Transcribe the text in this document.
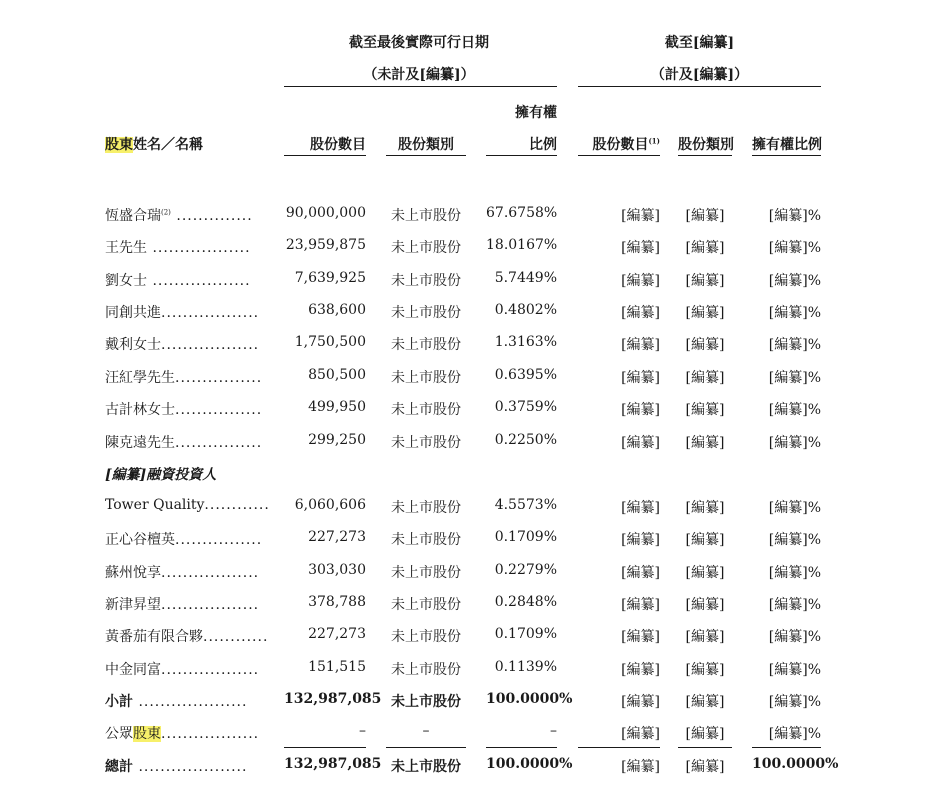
截至最後實際可行日期
（未計及[編纂]）
截至[編纂]
（計及[編纂]）
股東姓名／名稱	股份數目	股份類別
擁有權
比例	股份數目$^{(1)}$ 股份類別 擁有權比例
恆盛合瑞$^{(2)}$ .............. 90,000,000	未上市股份	67.6758%	[編纂]	[編纂]	[編纂]%
王先生 ..................	23,959,875	未上市股份	18.0167%	[編纂]	[編纂]	[編纂]%
劉女士 ..................	7,639,925	未上市股份	5.7449%	[編纂]	[編纂]	[編纂]%
同創共進..................	638,600	未上市股份	0.4802%	[編纂]	[編纂]	[編纂]%
戴利女士..................	1,750,500	未上市股份	1.3163%	[編纂]	[編纂]	[編纂]%
汪紅學先生................	850,500	未上市股份	0.6395%	[編纂]	[編纂]	[編纂]%
古計林女士................	499,950	未上市股份	0.3759%	[編纂]	[編纂]	[編纂]%
陳克遠先生................	299,250	未上市股份	0.2250%	[編纂]	[編纂]	[編纂]%
[編纂]融資投資人
Tower Quality............	6,060,606	未上市股份	4.5573%	[編纂]	[編纂]	[編纂]%
正心谷檀英................	227,273	未上市股份	0.1709%	[編纂]	[編纂]	[編纂]%
蘇州悅享..................	303,030	未上市股份	0.2279%	[編纂]	[編纂]	[編纂]%
新津昇望..................	378,788	未上市股份	0.2848%	[編纂]	[編纂]	[編纂]%
黃番茄有限合夥............	227,273	未上市股份	0.1709%	[編纂]	[編纂]	[編纂]%
中金同富..................	151,515	未上市股份	0.1139%	[編纂]	[編纂]	[編纂]%
小計 ....................	132,987,085 未上市股份	100.0000%	[編纂]	[編纂]	[編纂]%
公眾股東..................	–	–	–	[編纂]	[編纂]	[編纂]%
總計 ....................	132,987,085 未上市股份	100.0000%	[編纂]	[編纂]	100.0000%
